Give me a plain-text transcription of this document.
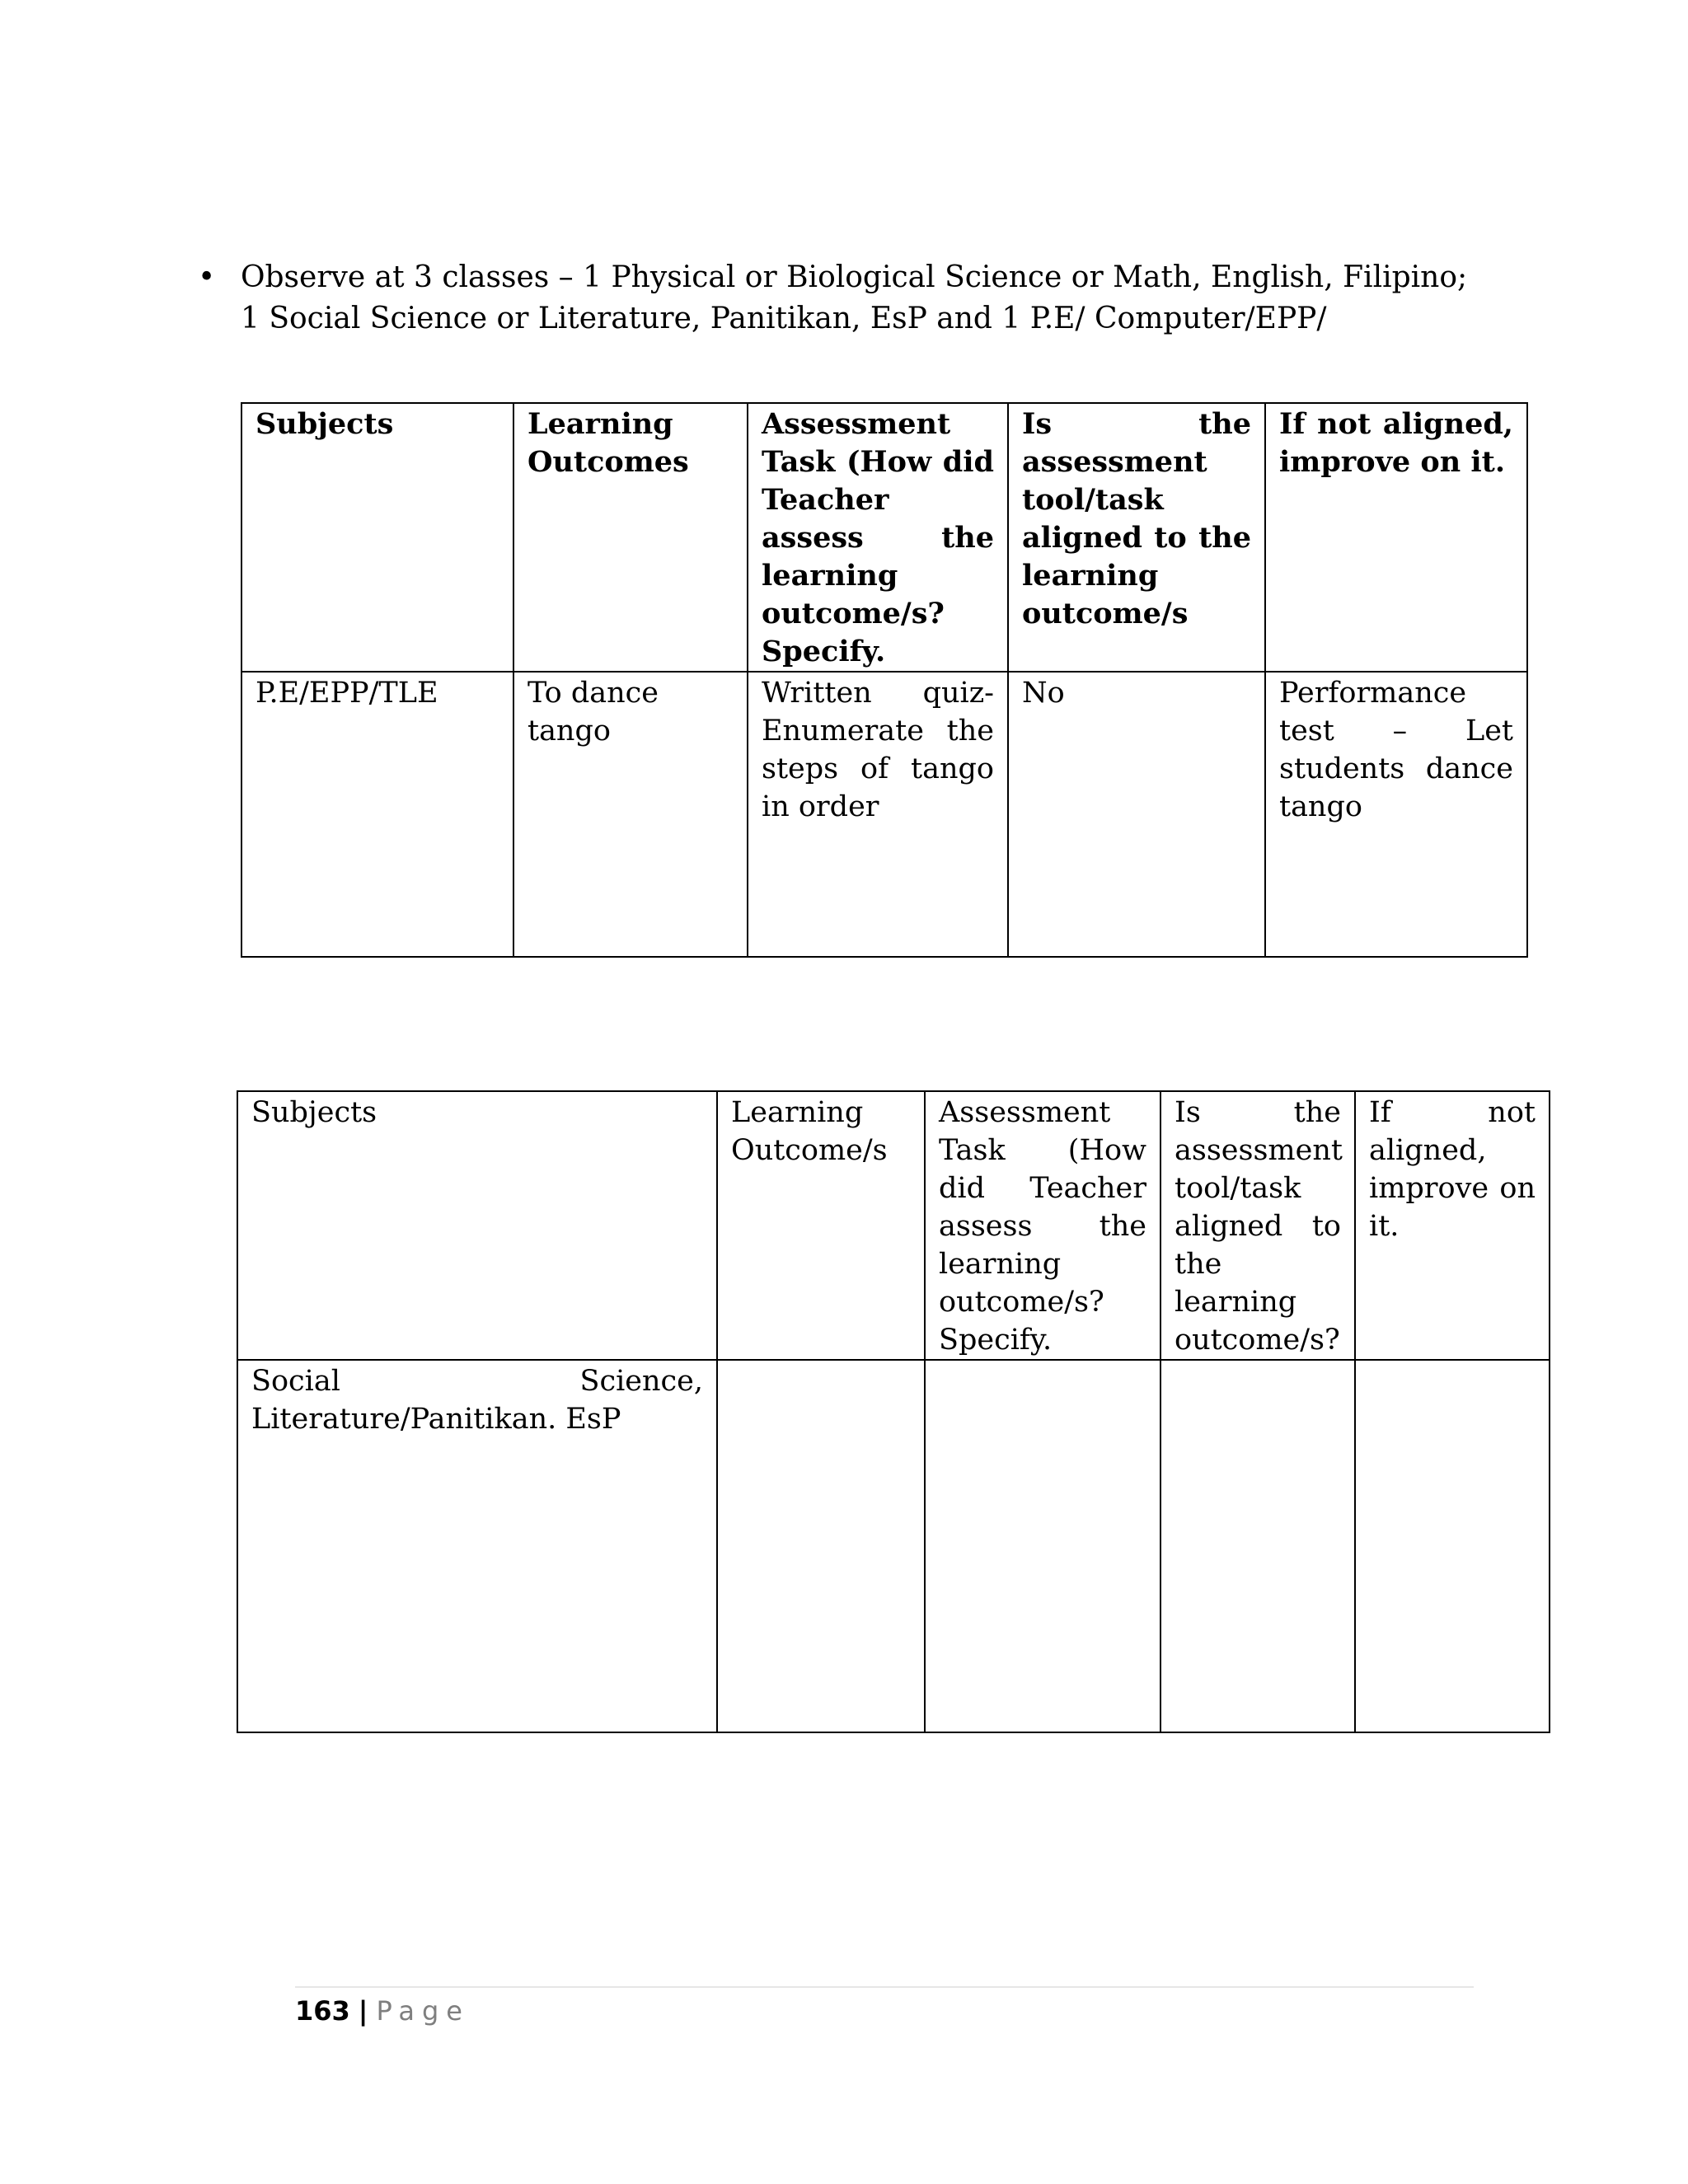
• Observe at 3 classes – 1 Physical or Biological Science or Math, English, Filipino; 1 Social Science or Literature, Panitikan, EsP and 1 P.E/ Computer/EPP/
Subjects	Learning Outcomes	Assessment Task (How did Teacher assess the learning outcome/s? Specify.	Is the assessment tool/task aligned to the learning outcome/s	If not aligned, improve on it.
P.E/EPP/TLE	To dance tango	Written quiz- Enumerate the steps of tango in order	No	Performance test – Let students dance tango
Subjects	Learning Outcome/s	Assessment Task (How did Teacher assess the learning outcome/s? Specify.	Is the assessment tool/task aligned to the learning outcome/s?	If not aligned, improve on it.
Social Science, Literature/Panitikan. EsP				
163 | Page
